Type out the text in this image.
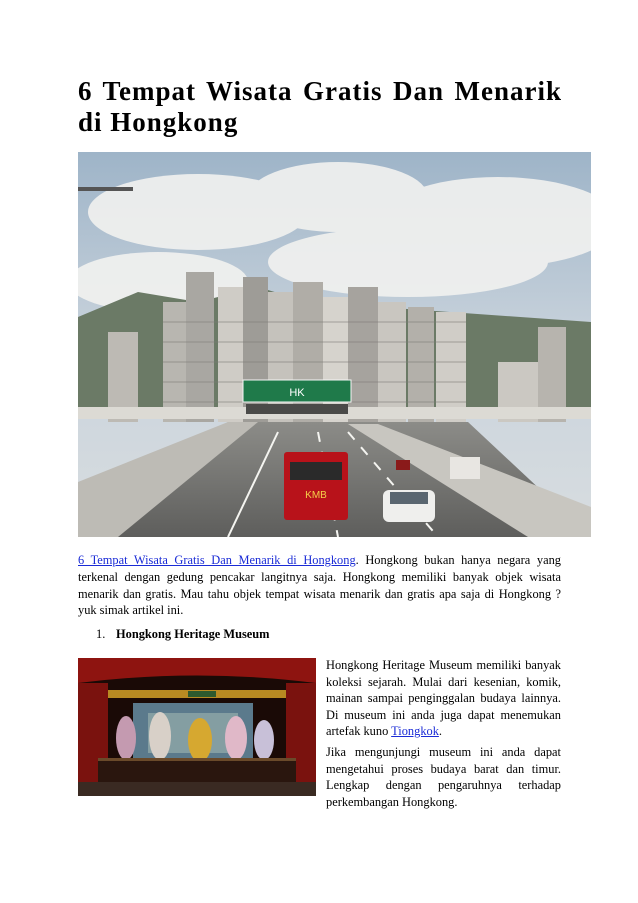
6 Tempat Wisata Gratis Dan Menarik di Hongkong
HK
KMB

6 Tempat Wisata Gratis Dan Menarik di Hongkong. Hongkong bukan hanya negara yang terkenal dengan gedung pencakar langitnya saja. Hongkong memiliki banyak objek wisata menarik dan gratis. Mau tahu objek tempat wisata menarik dan gratis apa saja di Hongkong ? yuk simak artikel ini.

1. Hongkong Heritage Museum

Hongkong Heritage Museum memiliki banyak koleksi sejarah. Mulai dari kesenian, komik, mainan sampai penginggalan budaya lainnya. Di museum ini anda juga dapat menemukan artefak kuno Tiongkok.

Jika mengunjungi museum ini anda dapat mengetahui proses budaya barat dan timur. Lengkap dengan pengaruhnya terhadap perkembangan Hongkong.
